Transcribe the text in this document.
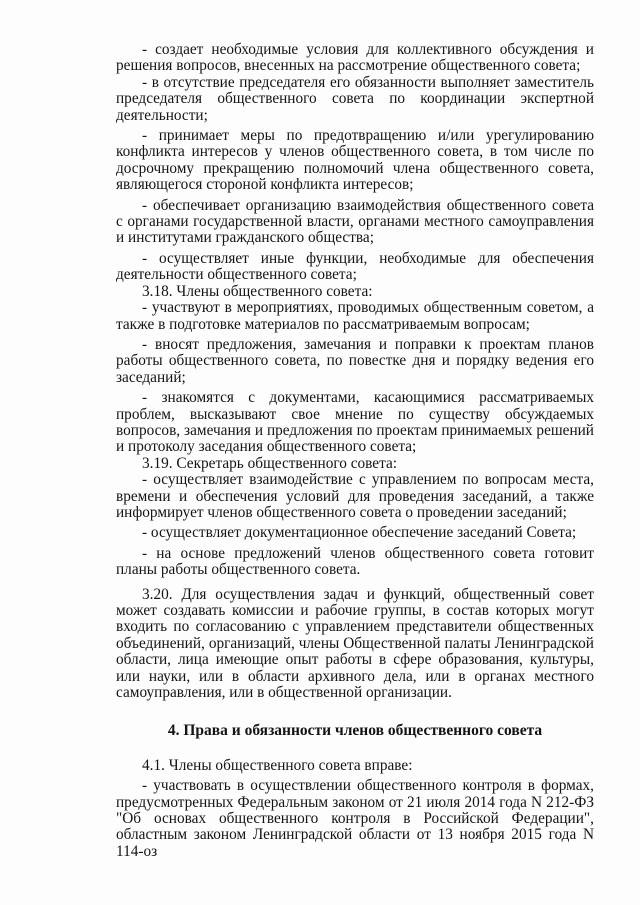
- создает необходимые условия для коллективного обсуждения и решения вопросов, внесенных на рассмотрение общественного совета;

- в отсутствие председателя его обязанности выполняет заместитель председателя общественного совета по координации экспертной деятельности;

- принимает меры по предотвращению и/или урегулированию конфликта интересов у членов общественного совета, в том числе по досрочному прекращению полномочий члена общественного совета, являющегося стороной конфликта интересов;

- обеспечивает организацию взаимодействия общественного совета с органами государственной власти, органами местного самоуправления и институтами гражданского общества;

- осуществляет иные функции, необходимые для обеспечения деятельности общественного совета;

3.18. Члены общественного совета:

- участвуют в мероприятиях, проводимых общественным советом, а также в подготовке материалов по рассматриваемым вопросам;

- вносят предложения, замечания и поправки к проектам планов работы общественного совета, по повестке дня и порядку ведения его заседаний;

- знакомятся с документами, касающимися рассматриваемых проблем, высказывают свое мнение по существу обсуждаемых вопросов, замечания и предложения по проектам принимаемых решений и протоколу заседания общественного совета;

3.19. Секретарь общественного совета:

- осуществляет взаимодействие с управлением по вопросам места, времени и обеспечения условий для проведения заседаний, а также информирует членов общественного совета о проведении заседаний;

- осуществляет документационное обеспечение заседаний Совета;

- на основе предложений членов общественного совета готовит планы работы общественного совета.

3.20. Для осуществления задач и функций, общественный совет может создавать комиссии и рабочие группы, в состав которых могут входить по согласованию с управлением представители общественных объединений, организаций, члены Общественной палаты Ленинградской области, лица имеющие опыт работы в сфере образования, культуры, или науки, или в области архивного дела, или в органах местного самоуправления, или в общественной организации.

4. Права и обязанности членов общественного совета

4.1. Члены общественного совета вправе:

- участвовать в осуществлении общественного контроля в формах, предусмотренных Федеральным законом от 21 июля 2014 года N 212-ФЗ "Об основах общественного контроля в Российской Федерации", областным законом Ленинградской области от 13 ноября 2015 года N 114-оз
